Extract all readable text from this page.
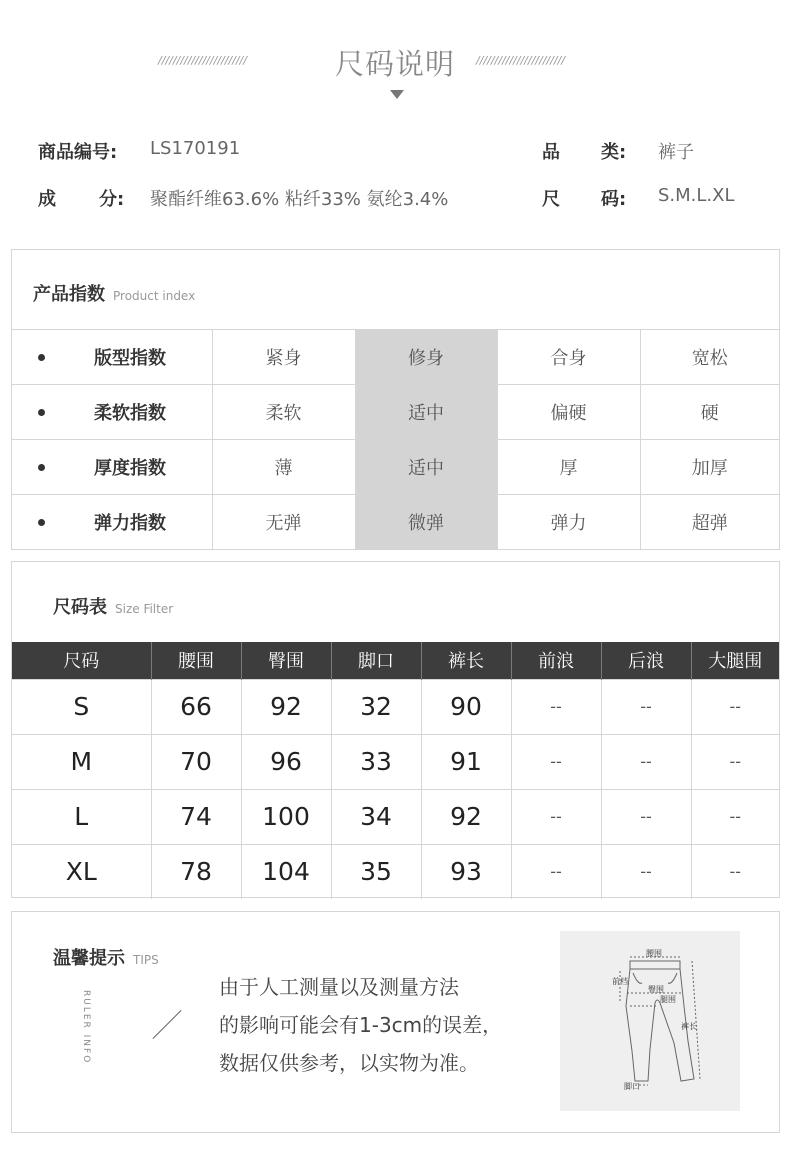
////////////////////////	尺码说明	////////////////////////
商品编号: LS170191	品 类: 裤子
成 分: 聚酯纤维63.6% 粘纤33% 氨纶3.4%	尺 码: S.M.L.XL
产品指数 Product index
版型指数	紧身	修身	合身	宽松
柔软指数	柔软	适中	偏硬	硬
厚度指数	薄	适中	厚	加厚
弹力指数	无弹	微弹	弹力	超弹
尺码表 Size Filter
尺码	腰围	臀围	脚口	裤长	前浪	后浪	大腿围
S	66	92	32	90	--	--	--
M	70	96	33	91	--	--	--
L	74	100	34	92	--	--	--
XL	78	104	35	93	--	--	--
温馨提示 TIPS
RULER INFO
由于人工测量以及测量方法
的影响可能会有1-3cm的误差，
数据仅供参考，以实物为准。
腰围
前档
臀围
腿围
裤长
脚口
